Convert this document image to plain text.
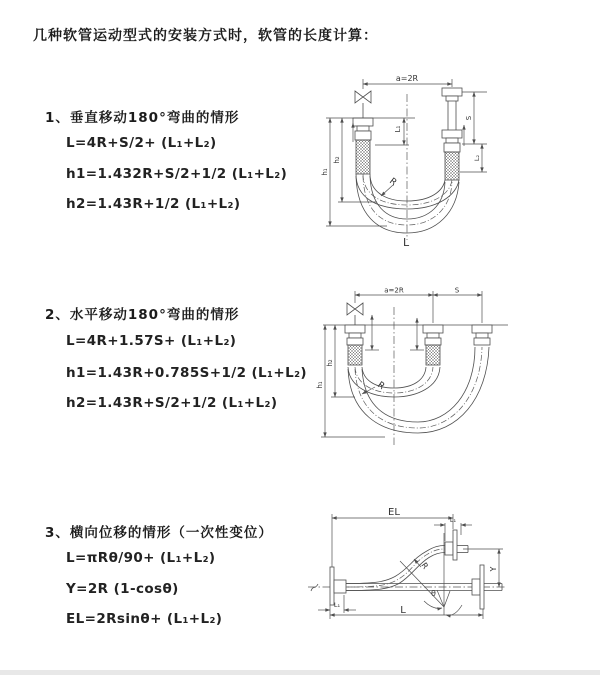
几种软管运动型式的安装方式时，软管的长度计算：
1、垂直移动180°弯曲的情形
L=4R+S/2+ (L₁+L₂)
h1=1.432R+S/2+1/2 (L₁+L₂)
h2=1.43R+1/2 (L₁+L₂)
2、水平移动180°弯曲的情形
L=4R+1.57S+ (L₁+L₂)
h1=1.43R+0.785S+1/2 (L₁+L₂)
h2=1.43R+S/2+1/2 (L₁+L₂)
3、横向位移的情形（一次性变位）
L=πRθ/90+ (L₁+L₂)
Y=2R (1-cosθ)
EL=2Rsinθ+ (L₁+L₂)
a=2R
L₁
S
L₂
h₁
h₂
R
L
a=2R	S
h₁
h₂
R
EL
L₁
Y
R
θ
L₁	L
